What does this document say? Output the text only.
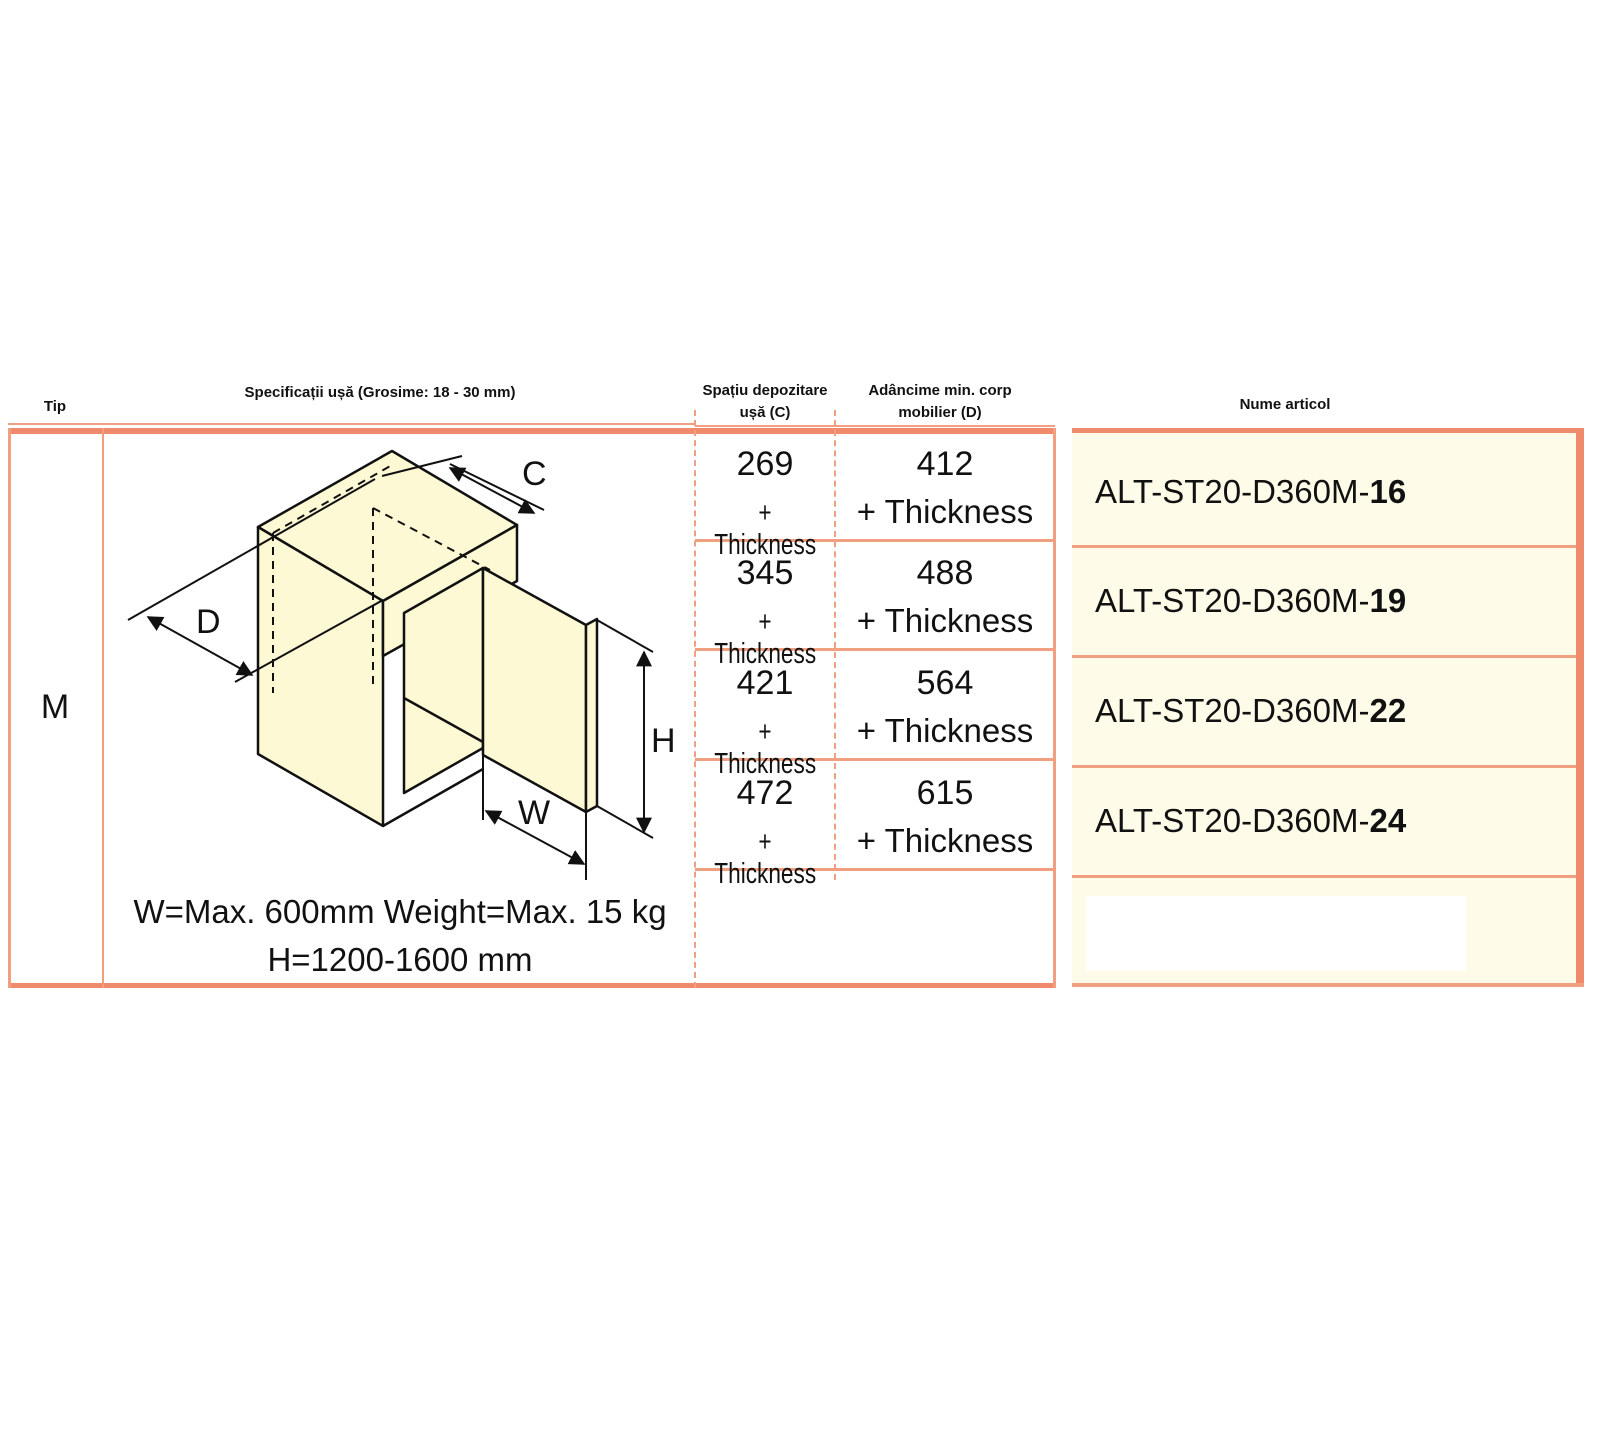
Tip
Specificații ușă (Grosime: 18 - 30 mm)	Spațiu depozitare ușă (C)
Adâncime min. corp mobilier (D)	Nume articol
M
C
D
H
W
W=Max. 600mm Weight=Max. 15 kg
H=1200-1600 mm
269
+ Thickness
345
+ Thickness
421
+ Thickness
472
+ Thickness
412
+ Thickness
488
+ Thickness
564
+ Thickness
615
+ Thickness
ALT-ST20-D360M-16
ALT-ST20-D360M-19
ALT-ST20-D360M-22
ALT-ST20-D360M-24
